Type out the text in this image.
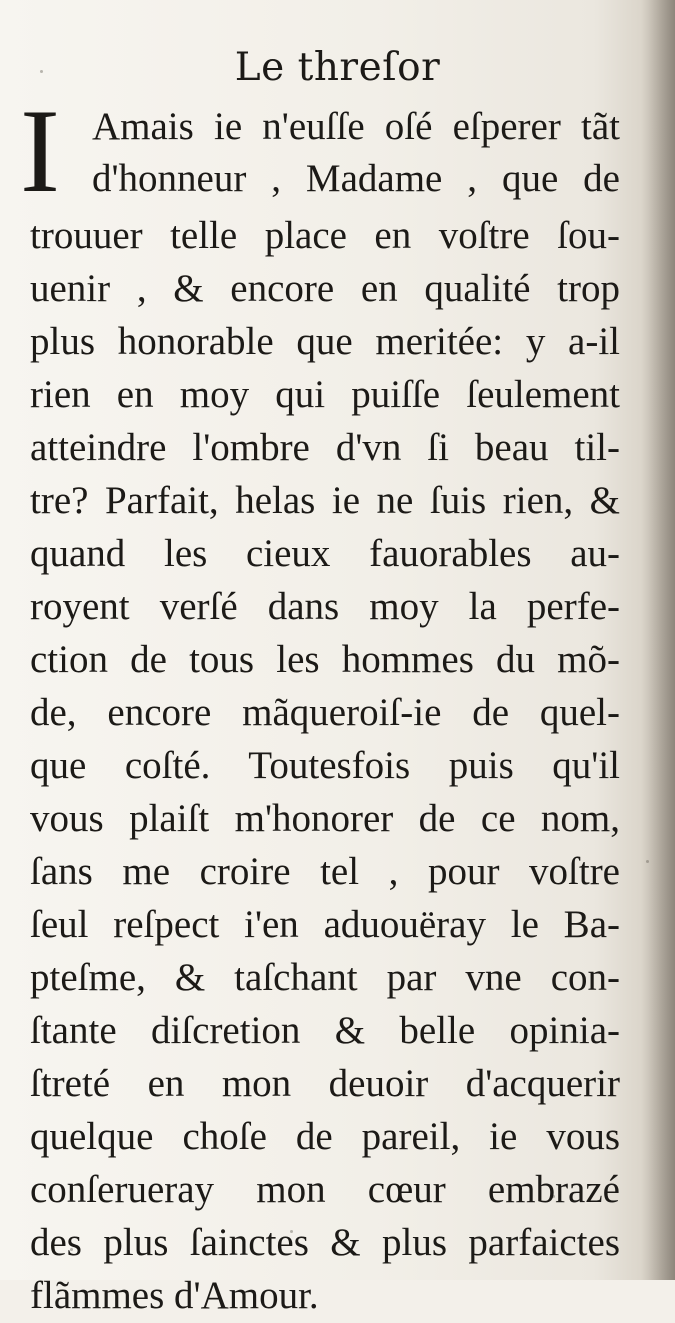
Le threſor
I Amais ie n'euſſe oſé eſperer tãt
d'honneur , Madame , que de
trouuer telle place en voſtre ſou-
uenir , & encore en qualité trop
plus honorable que meritée: y a-il
rien en moy qui puiſſe ſeulement
atteindre l'ombre d'vn ſi beau til-
tre? Parfait, helas ie ne ſuis rien, &
quand les cieux fauorables au-
royent verſé dans moy la perfe-
ction de tous les hommes du mõ-
de, encore mãqueroiſ-ie de quel-
que coſté. Toutesfois puis qu'il
vous plaiſt m'honorer de ce nom,
ſans me croire tel , pour voſtre
ſeul reſpect i'en aduouëray le Ba-
pteſme, & taſchant par vne con-
ſtante diſcretion & belle opinia-
ſtreté en mon deuoir d'acquerir
quelque choſe de pareil, ie vous
conſerueray mon cœur embrazé
des plus ſainctes & plus parfaictes
flãmmes d'Amour.
